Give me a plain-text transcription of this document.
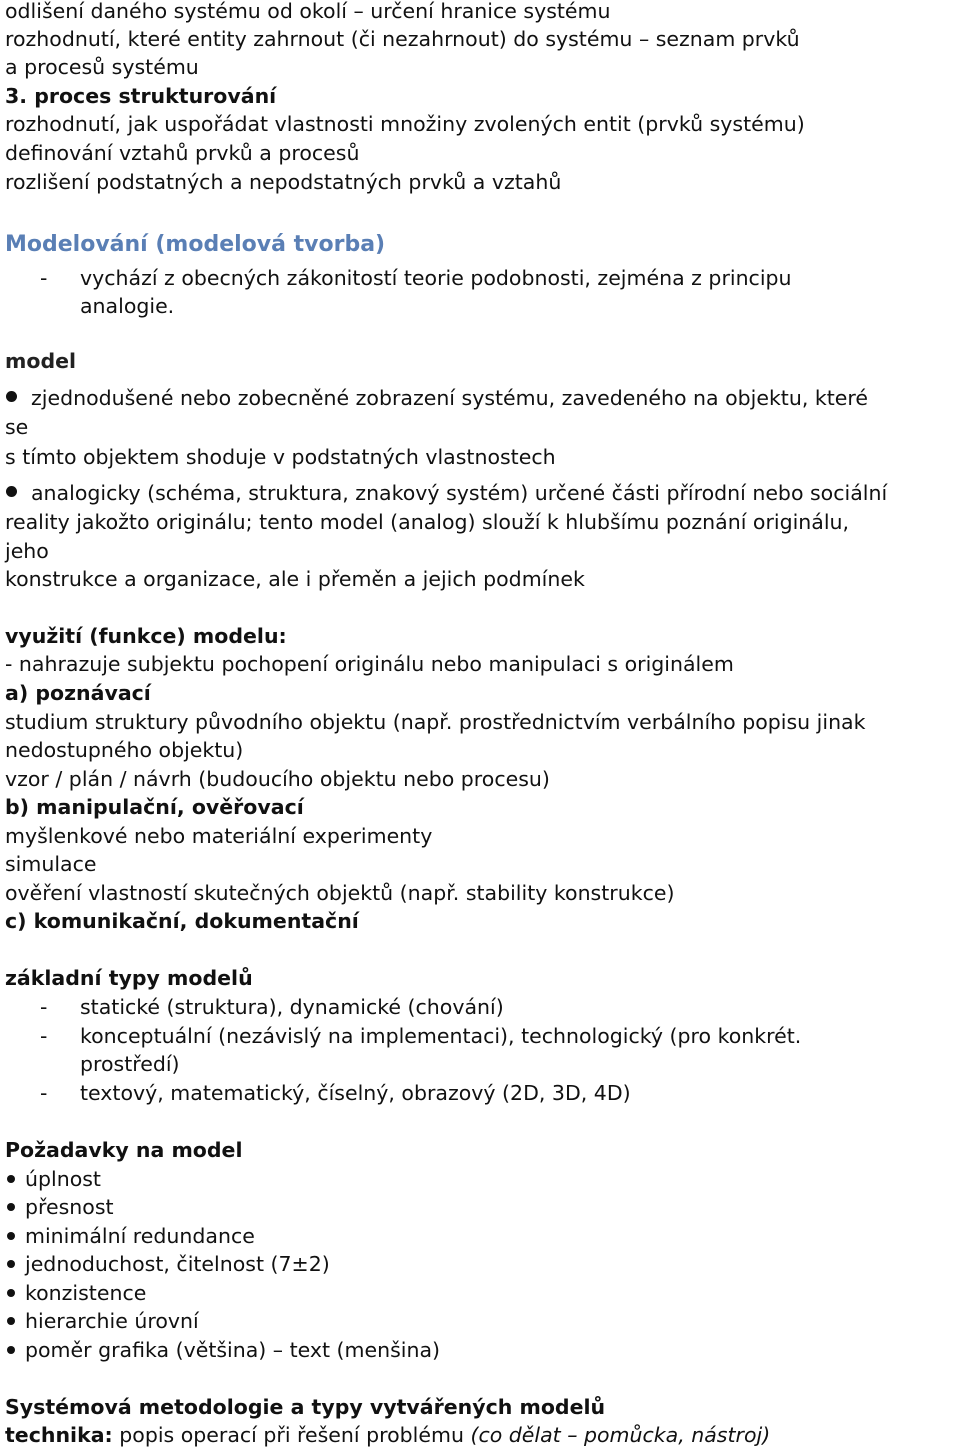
odlišení daného systému od okolí – určení hranice systému
rozhodnutí, které entity zahrnout (či nezahrnout) do systému – seznam prvků
a procesů systému
3. proces strukturování
rozhodnutí, jak uspořádat vlastnosti množiny zvolených entit (prvků systému)
definování vztahů prvků a procesů
rozlišení podstatných a nepodstatných prvků a vztahů
Modelování (modelová tvorba)
- vychází z obecných zákonitostí teorie podobnosti, zejména z principu
analogie.
model
zjednodušené nebo zobecněné zobrazení systému, zavedeného na objektu, které
se
s tímto objektem shoduje v podstatných vlastnostech
analogicky (schéma, struktura, znakový systém) určené části přírodní nebo sociální
reality jakožto originálu; tento model (analog) slouží k hlubšímu poznání originálu,
jeho
konstrukce a organizace, ale i přeměn a jejich podmínek
využití (funkce) modelu:
- nahrazuje subjektu pochopení originálu nebo manipulaci s originálem
a) poznávací
studium struktury původního objektu (např. prostřednictvím verbálního popisu jinak
nedostupného objektu)
vzor / plán / návrh (budoucího objektu nebo procesu)
b) manipulační, ověřovací
myšlenkové nebo materiální experimenty
simulace
ověření vlastností skutečných objektů (např. stability konstrukce)
c) komunikační, dokumentační
základní typy modelů
- statické (struktura), dynamické (chování)
- konceptuální (nezávislý na implementaci), technologický (pro konkrét.
prostředí)
- textový, matematický, číselný, obrazový (2D, 3D, 4D)
Požadavky na model
úplnost
přesnost
minimální redundance
jednoduchost, čitelnost (7±2)
konzistence
hierarchie úrovní
poměr grafika (většina) – text (menšina)
Systémová metodologie a typy vytvářených modelů
technika: popis operací při řešení problému (co dělat – pomůcka, nástroj)
